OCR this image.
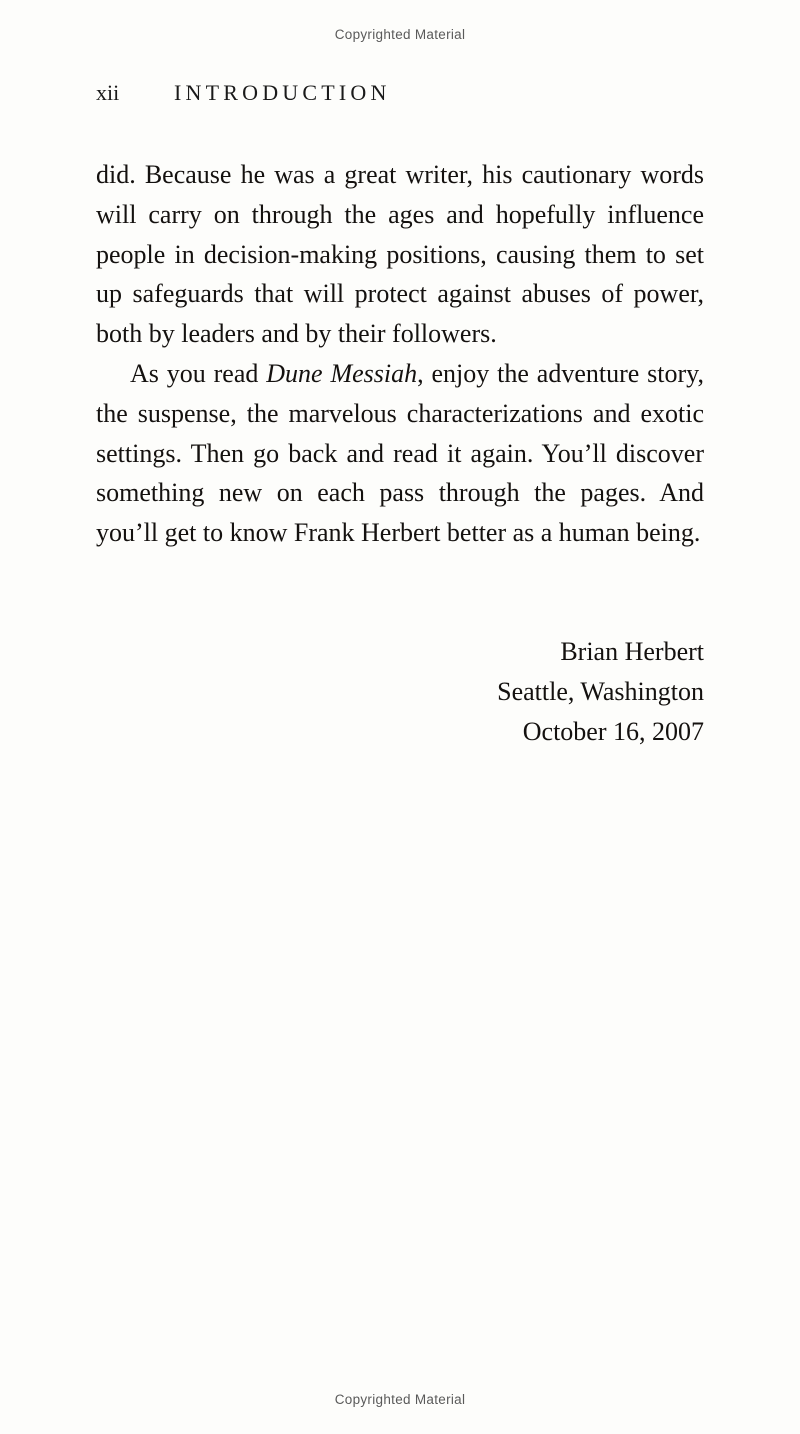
Copyrighted Material
xii	INTRODUCTION

did. Because he was a great writer, his cautionary words will carry on through the ages and hopefully influence people in decision-making positions, causing them to set up safeguards that will protect against abuses of power, both by leaders and by their followers.

As you read Dune Messiah, enjoy the adventure story, the suspense, the marvelous characterizations and exotic settings. Then go back and read it again. You’ll discover something new on each pass through the pages. And you’ll get to know Frank Herbert better as a human being.

Brian Herbert
Seattle, Washington
October 16, 2007
Copyrighted Material
